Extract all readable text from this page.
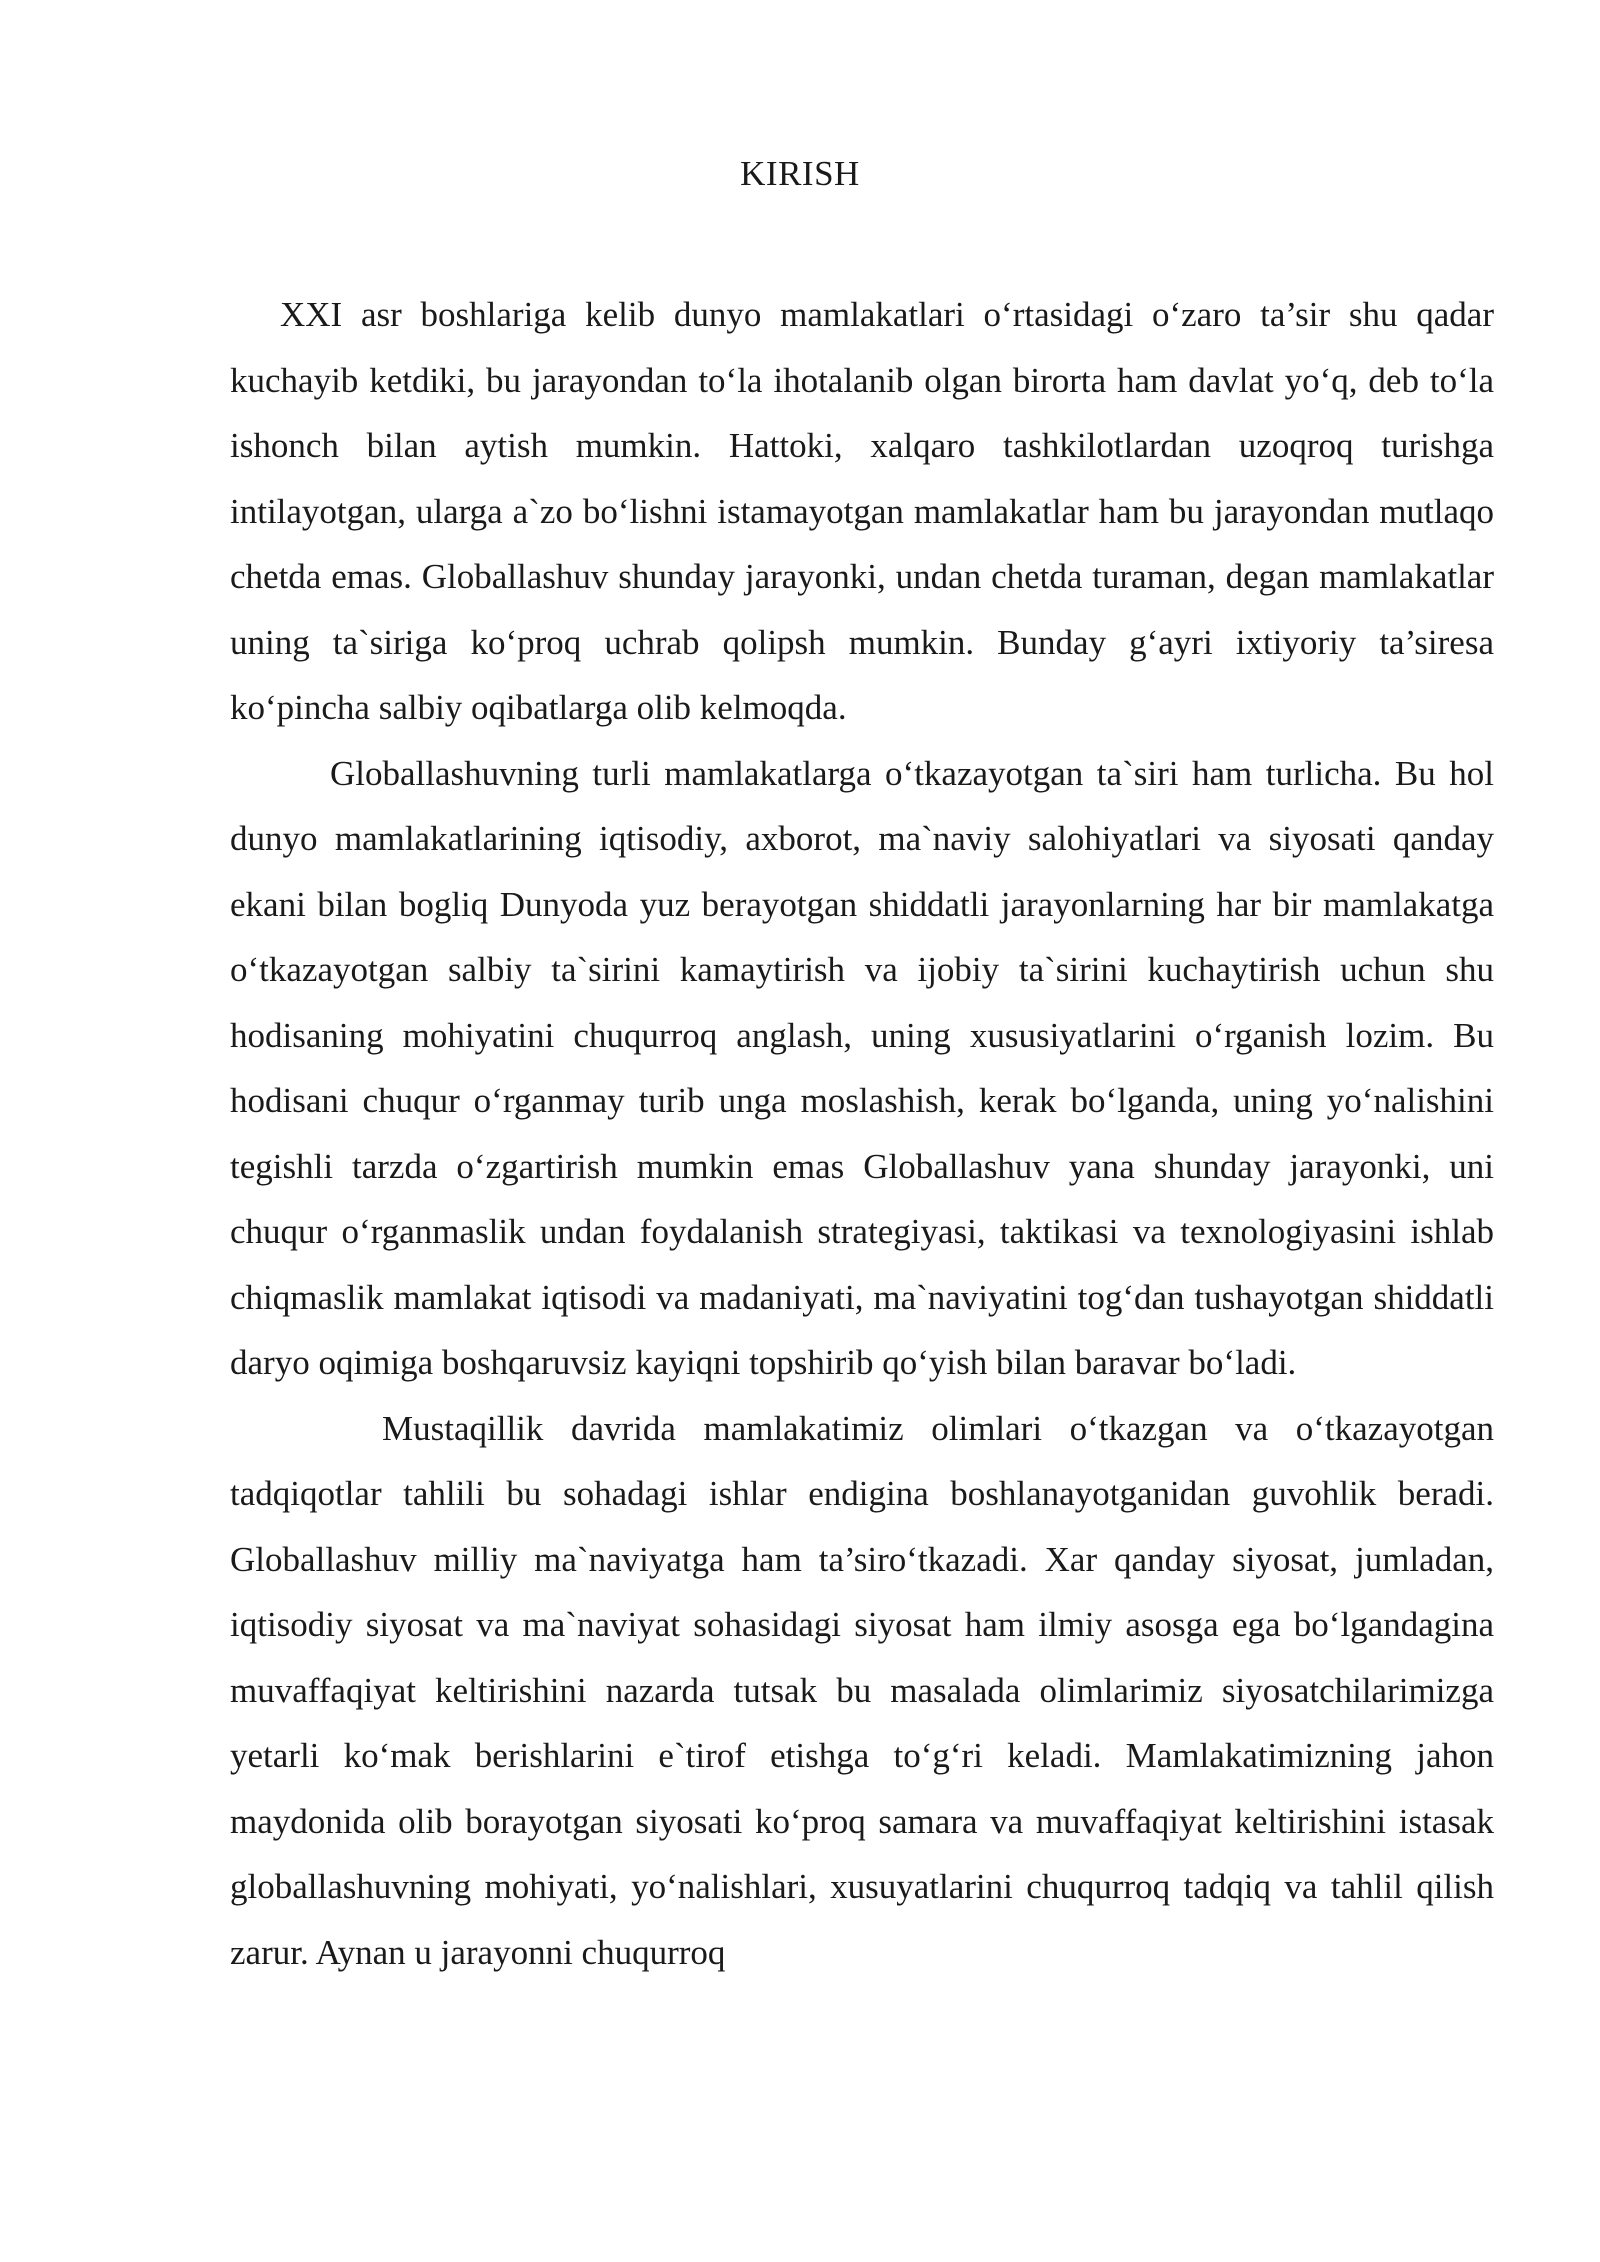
KIRISH

XXI asr boshlariga kelib dunyo mamlakatlari o‘rtasidagi o‘zaro ta’sir shu qadar kuchayib ketdiki, bu jarayondan to‘la ihotalanib olgan birorta ham davlat yo‘q, deb to‘la ishonch bilan aytish mumkin. Hattoki, xalqaro tashkilotlardan uzoqroq turishga intilayotgan, ularga a`zo bo‘lishni istamayotgan mamlakatlar ham bu jarayondan mutlaqo chetda emas. Globallashuv shunday jarayonki, undan chetda turaman, degan mamlakatlar uning ta`siriga ko‘proq uchrab qolipsh mumkin. Bunday g‘ayri ixtiyoriy ta’siresa ko‘pincha salbiy oqibatlarga olib kelmoqda.

Globallashuvning turli mamlakatlarga o‘tkazayotgan ta`siri ham turlicha. Bu hol dunyo mamlakatlarining iqtisodiy, axborot, ma`naviy salohiyatlari va siyosati qanday ekani bilan bogliq Dunyoda yuz berayotgan shiddatli jarayonlarning har bir mamlakatga o‘tkazayotgan salbiy ta`sirini kamaytirish va ijobiy ta`sirini kuchaytirish uchun shu hodisaning mohiyatini chuqurroq anglash, uning xususiyatlarini o‘rganish lozim. Bu hodisani chuqur o‘rganmay turib unga moslashish, kerak bo‘lganda, uning yo‘nalishini tegishli tarzda o‘zgartirish mumkin emas Globallashuv yana shunday jarayonki, uni chuqur o‘rganmaslik undan foydalanish strategiyasi, taktikasi va texnologiyasini ishlab chiqmaslik mamlakat iqtisodi va madaniyati, ma`naviyatini tog‘dan tushayotgan shiddatli daryo oqimiga boshqaruvsiz kayiqni topshirib qo‘yish bilan baravar bo‘ladi.

Mustaqillik davrida mamlakatimiz olimlari o‘tkazgan va o‘tkazayotgan tadqiqotlar tahlili bu sohadagi ishlar endigina boshlanayotganidan guvohlik beradi. Globallashuv milliy ma`naviyatga ham ta’siro‘tkazadi. Xar qanday siyosat, jumladan, iqtisodiy siyosat va ma`naviyat sohasidagi siyosat ham ilmiy asosga ega bo‘lgandagina muvaffaqiyat keltirishini nazarda tutsak bu masalada olimlarimiz siyosatchilarimizga yetarli ko‘mak berishlarini e`tirof etishga to‘g‘ri keladi. Mamlakatimizning jahon maydonida olib borayotgan siyosati ko‘proq samara va muvaffaqiyat keltirishini istasak globallashuvning mohiyati, yo‘nalishlari, xusuyatlarini chuqurroq tadqiq va tahlil qilish zarur. Aynan u jarayonni chuqurroq
